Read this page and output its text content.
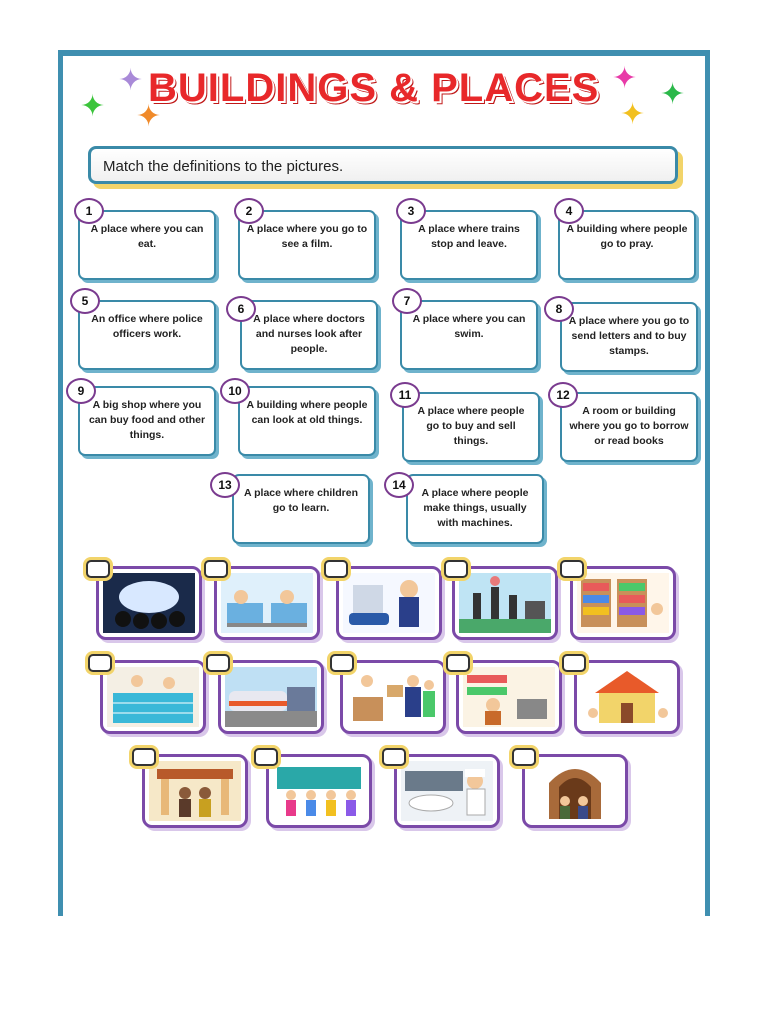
✦
✦
✦
✦
✦
✦
BUILDINGS & PLACES
Match the definitions to the pictures.
A place where you can eat.
1
A place where you go to see a film.
2
A place where trains stop and leave.
3
A building where people go to pray.
4
An office where police officers work.
5
A place where doctors and nurses look after people.
6
A place where you can swim.
7
A place where you go to send letters and to buy stamps.
8
A big shop where you can buy food and other things.
9
A building where people can look at old things.
10
A place where people go to buy and sell things.
11
A room or building where you go to borrow or read books
12
A place where children go to learn.
13
A place where people make things, usually with machines.
14
